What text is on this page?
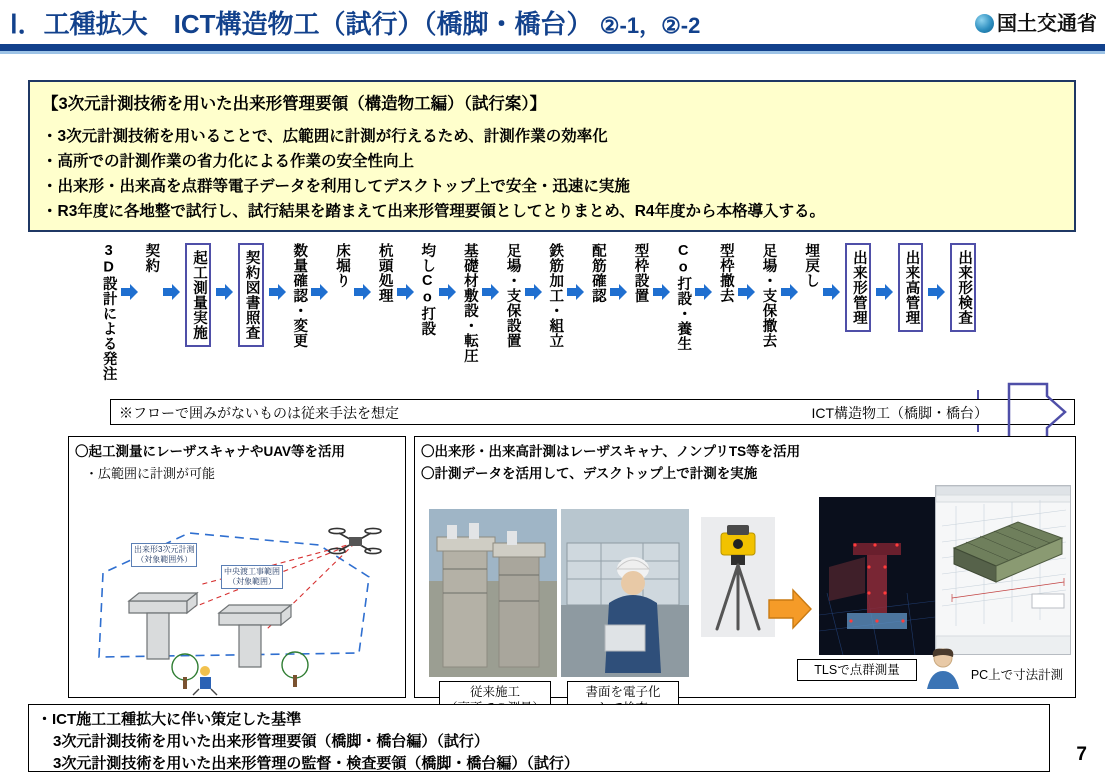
Ⅰ．工種拡大　ICT構造物工（試行）（橋脚・橋台） ②-1，②-2	国土交通省
【3次元計測技術を用いた出来形管理要領（構造物工編）（試行案）】
・3次元計測技術を用いることで、広範囲に計測が行えるため、計測作業の効率化
・高所での計測作業の省力化による作業の安全性向上
・出来形・出来高を点群等電子データを利用してデスクトップ上で安全・迅速に実施
・R3年度に各地整で試行し、試行結果を踏まえて出来形管理要領としてとりまとめ、R4年度から本格導入する。
3D設計による発注 契約 起工測量実施	契約図書照査 数量確認・変更 床堀り 杭頭処理 均しCo打設 基礎材敷設・転圧 足場・支保設置 鉄筋加工・組立 配筋確認 型枠設置 Co打設・養生 型枠撤去 足場・支保撤去 埋戻し 出来形管理	出来高管理	出来形検査
※フローで囲みがないものは従来手法を想定	ICT構造物工（橋脚・橋台）
〇起工測量にレーザスキャナやUAV等を活用
・広範囲に計測が可能
出来形3次元計測
（対象範囲外）
中央渡工事範囲
（対象範囲）
〇出来形・出来高計測はレーザスキャナ、ノンプリTS等を活用
〇計測データを活用して、デスクトップ上で計測を実施
従来施工	書面を電子化

TLSで点群測量	PC上で寸法計測
・ICT施工工種拡大に伴い策定した基準
3次元計測技術を用いた出来形管理要領（橋脚・橋台編）（試行）
3次元計測技術を用いた出来形管理の監督・検査要領（橋脚・橋台編）（試行）	7
